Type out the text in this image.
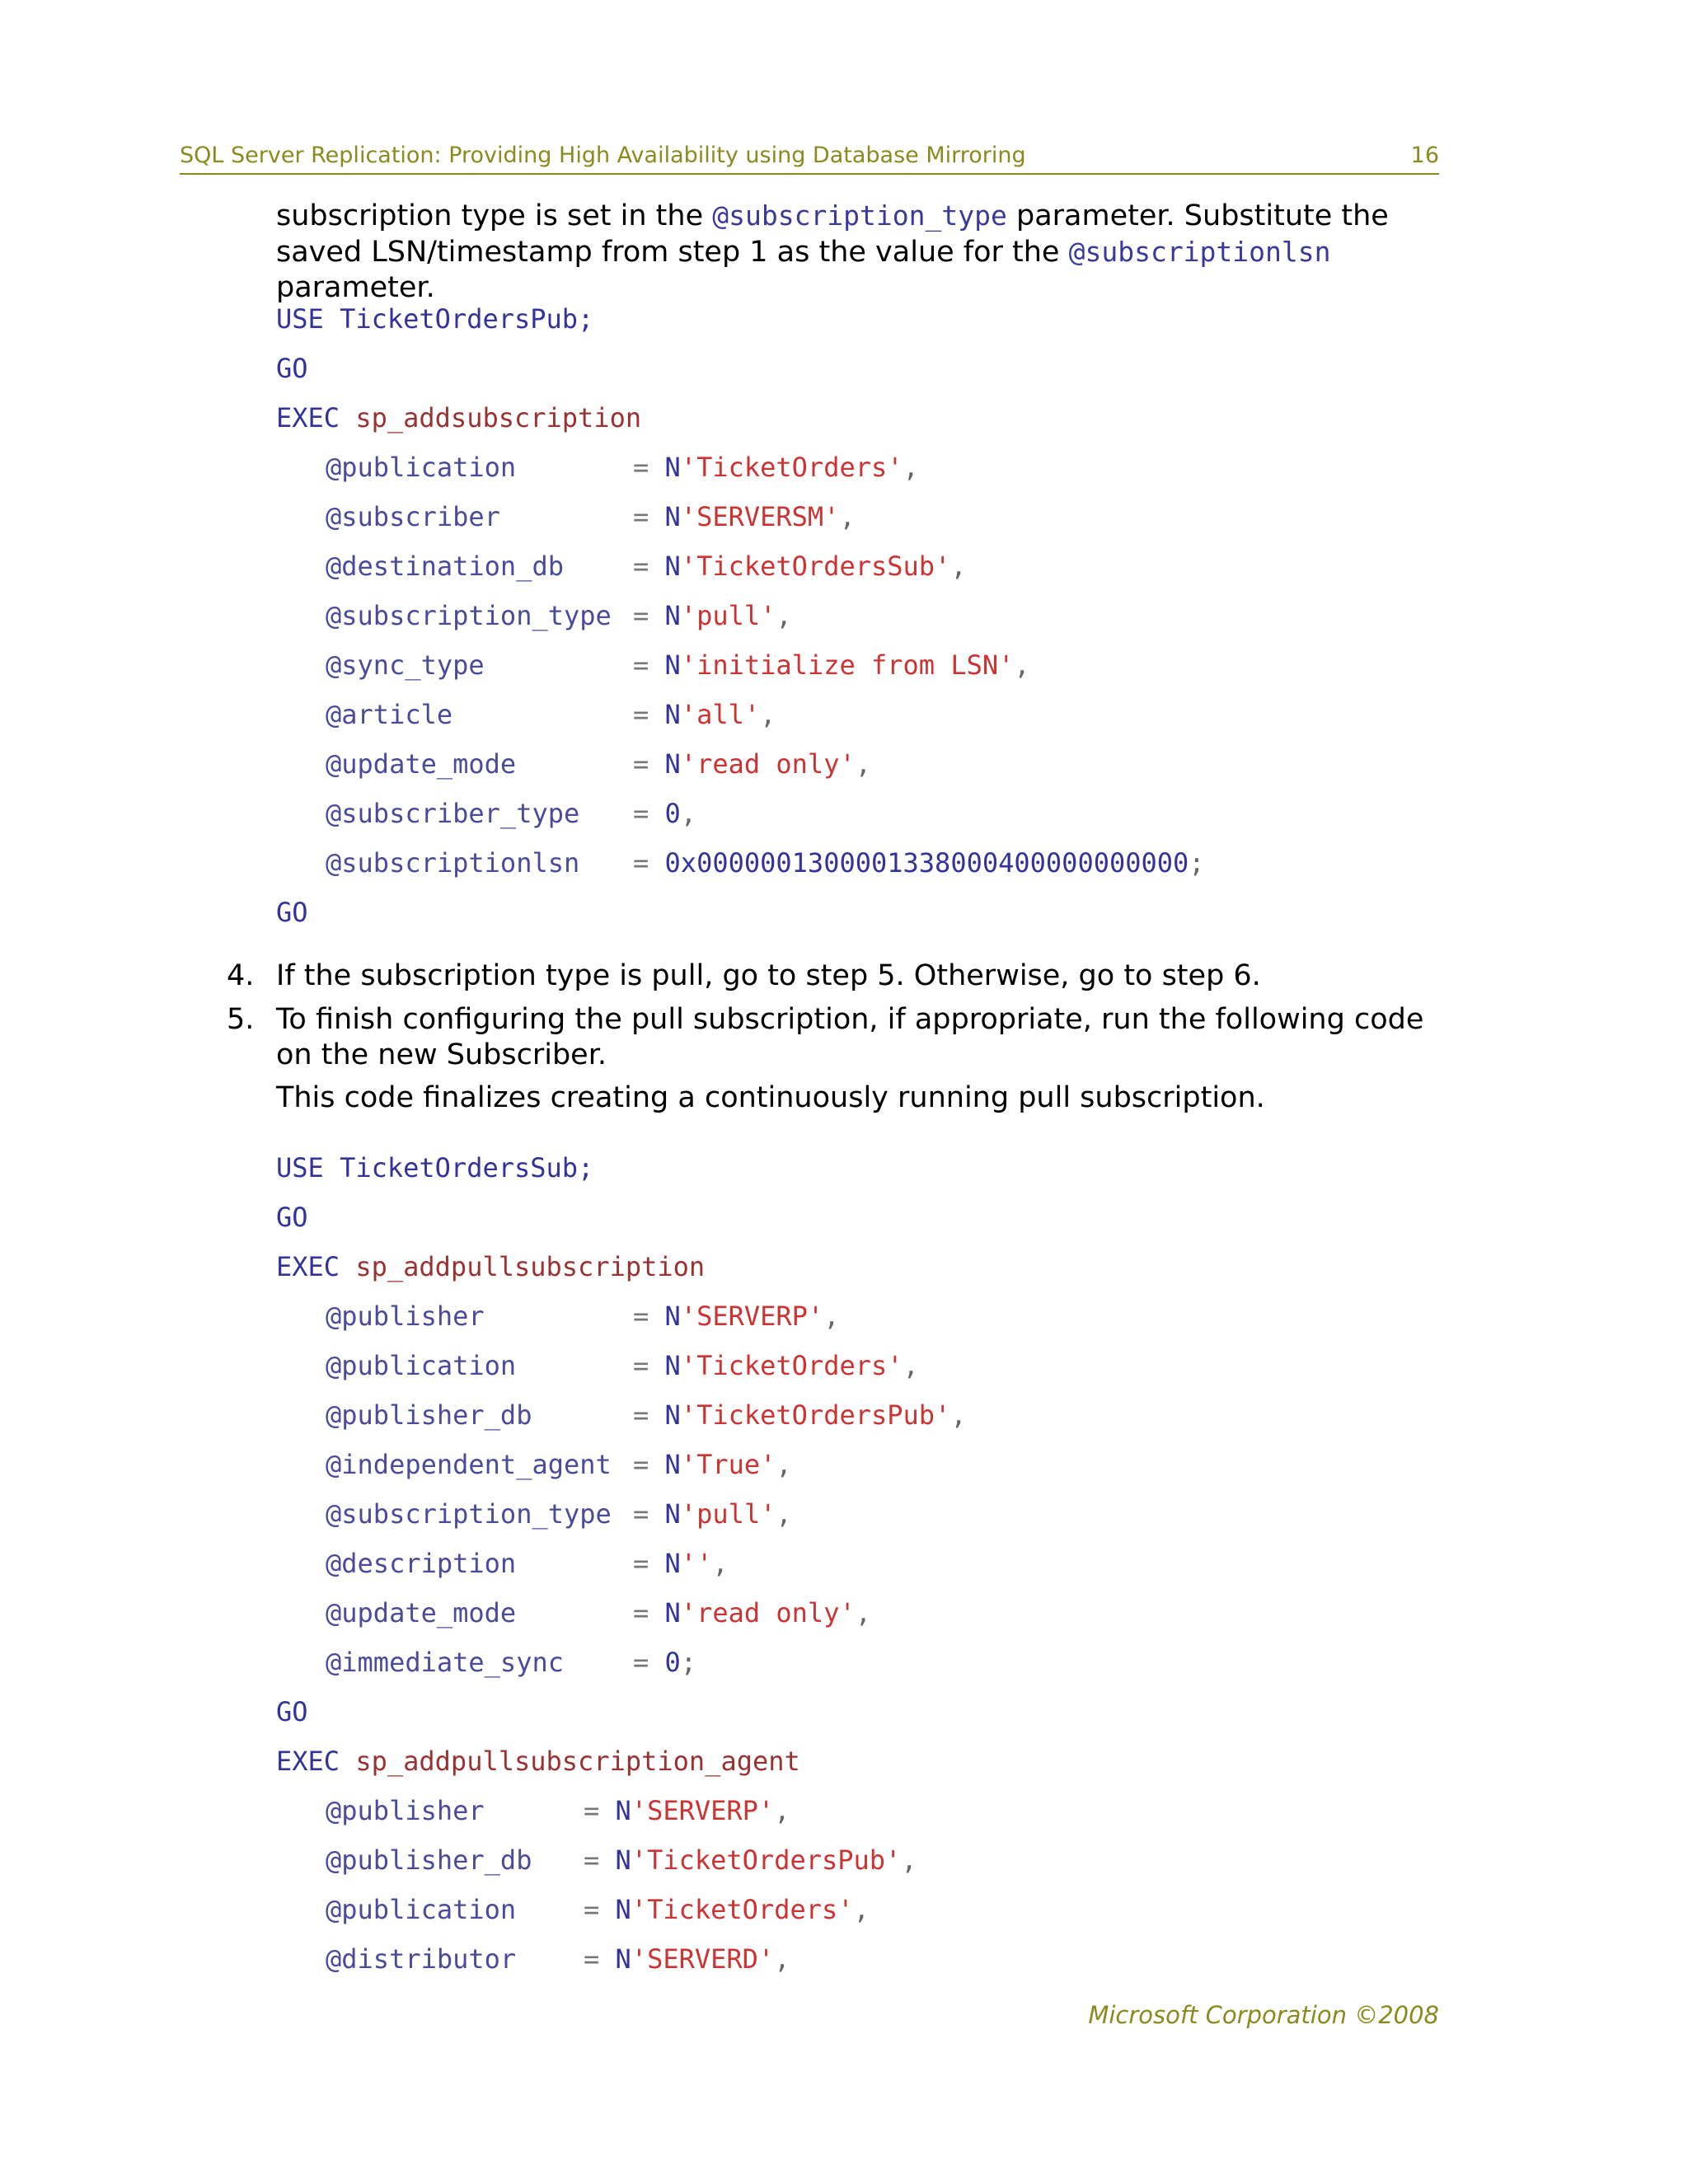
SQL Server Replication: Providing High Availability using Database Mirroring	16
subscription type is set in the @subscription_type parameter. Substitute the saved LSN/timestamp from step 1 as the value for the @subscriptionlsn parameter.
USE TicketOrdersPub;
GO
EXEC sp_addsubscription
@publication	= N'TicketOrders',
@subscriber	= N'SERVERSM',
@destination_db	= N'TicketOrdersSub',
@subscription_type = N'pull',
@sync_type	= N'initialize from LSN',
@article	= N'all',
@update_mode	= N'read only',
@subscriber_type = 0,
@subscriptionlsn = 0x0000001300001338000400000000000;
GO
4. If the subscription type is pull, go to step 5. Otherwise, go to step 6.
5. To finish configuring the pull subscription, if appropriate, run the following code on the new Subscriber.
This code finalizes creating a continuously running pull subscription.
USE TicketOrdersSub;
GO
EXEC sp_addpullsubscription
@publisher	= N'SERVERP',
@publication	= N'TicketOrders',
@publisher_db	= N'TicketOrdersPub',
@independent_agent = N'True',
@subscription_type = N'pull',
@description	= N'',
@update_mode	= N'read only',
@immediate_sync	= 0;
GO
EXEC sp_addpullsubscription_agent
@publisher	= N'SERVERP',
@publisher_db = N'TicketOrdersPub',
@publication	= N'TicketOrders',
@distributor	= N'SERVERD',
Microsoft Corporation ©2008
